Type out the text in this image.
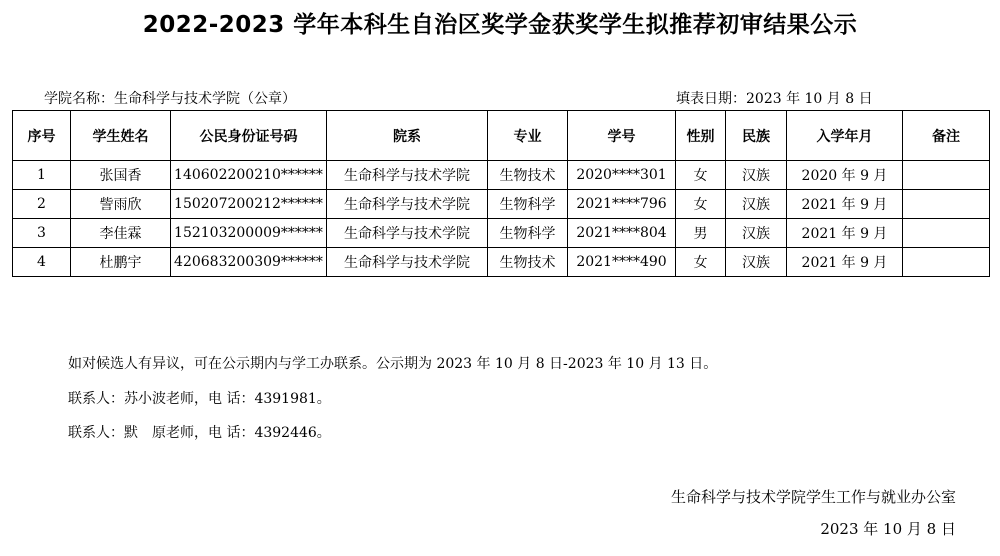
2022-2023 学年本科生自治区奖学金获奖学生拟推荐初审结果公示
学院名称：生命科学与技术学院（公章）	填表日期：2023 年 10 月 8 日
序号	学生姓名	公民身份证号码	院系	专业	学号	性别	民族	入学年月	备注
1	张国香	140602200210******	生命科学与技术学院	生物技术	2020****301	女	汉族	2020 年 9 月	
2	訾雨欣	150207200212******	生命科学与技术学院	生物科学	2021****796	女	汉族	2021 年 9 月	
3	李佳霖	152103200009******	生命科学与技术学院	生物科学	2021****804	男	汉族	2021 年 9 月	
4	杜鹏宇	420683200309******	生命科学与技术学院	生物技术	2021****490	女	汉族	2021 年 9 月	
如对候选人有异议，可在公示期内与学工办联系。公示期为 2023 年 10 月 8 日-2023 年 10 月 13 日。
联系人：苏小波老师，电 话：4391981。
联系人：默　原老师，电 话：4392446。
生命科学与技术学院学生工作与就业办公室
2023 年 10 月 8 日
